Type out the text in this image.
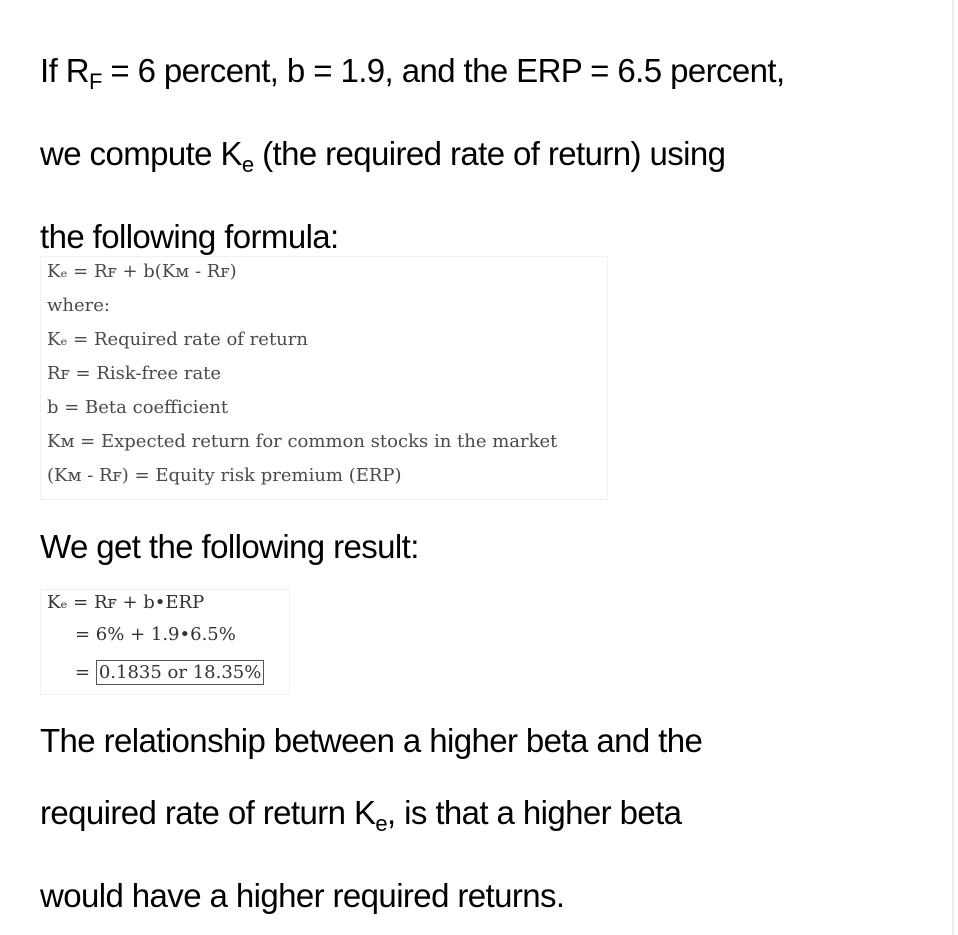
If $R_F = 6$ percent, b = 1.9, and the ERP = 6.5 percent,
we compute $K_e$ (the required rate of return) using
the following formula:

Kₑ = Rꜰ + b(Kᴍ - Rꜰ)
where:
Kₑ = Required rate of return
Rꜰ = Risk-free rate
b = Beta coefficient
Kᴍ = Expected return for common stocks in the market
(Kᴍ - Rꜰ) = Equity risk premium (ERP)

We get the following result:

Kₑ = Rꜰ + b•ERP
= 6% + 1.9•6.5%
= 0.1835 or 18.35%

The relationship between a higher beta and the
required rate of return $K_e$, is that a higher beta
would have a higher required returns.
